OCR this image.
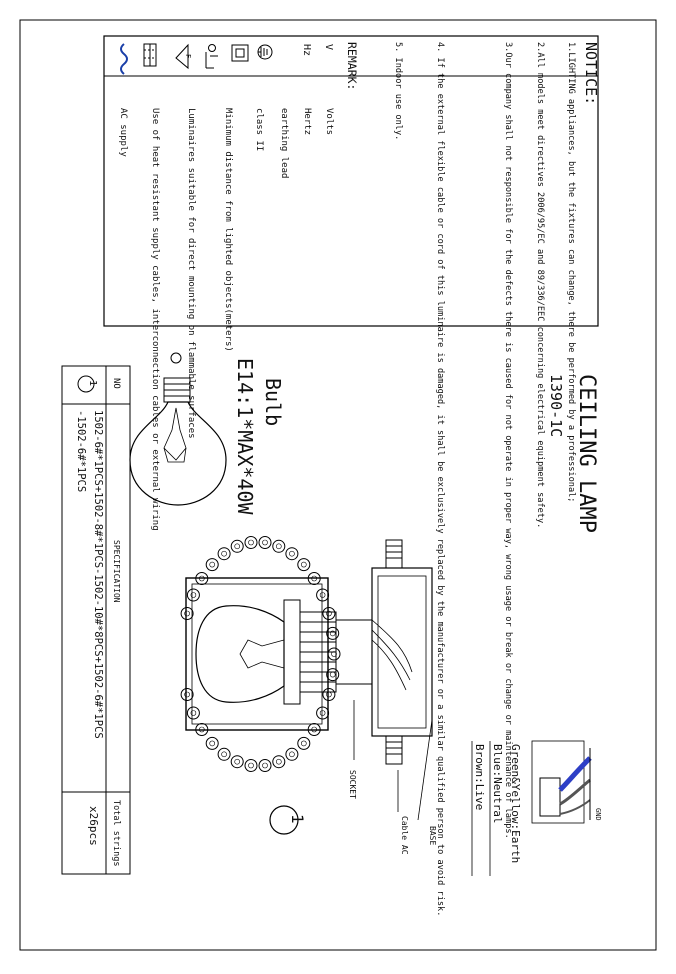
NOTICE:
1.LIGHTING appliances, but the fixtures can change, there be performed by a professional;
2.All models meet directives 2006/95/EC and 89/336/EEC concerning electrical equipment safety.
3.Our company shall not responsible for the defects there is caused for not operate in proper way, wrong usage or break or change or maintenance of lamps.
4. If the external flexible cable or cord of this luminaire is damaged, it shall be exclusively replaced by the manufacturer or a similar qualified person to avoid risk.
5. Indoor use only.
REMARK:
Volts
Hertz
earthing lead
class II
Minimum distance from lighted objects(meters)
Luminaires suitable for direct mounting on flammable surfaces
Use of heat resistant supply cables, interconnection cables or external wiring
AC supply
V
Hz
F
CEILING LAMP
1390-1C
GND
Green&Yellow:Earth
Blue:Neutral
Brown:Live
Bulb
E14:1*MAX*40W
BASE
Cable AC
SOCKET
1
NO
SPECIFICATION
Total strings
1
1502-6#*1PCS+1502-8#*1PCS-1502-10#*8PCS+1502-6#*1PCS
-1502-6#*1PCS
x26pcs
